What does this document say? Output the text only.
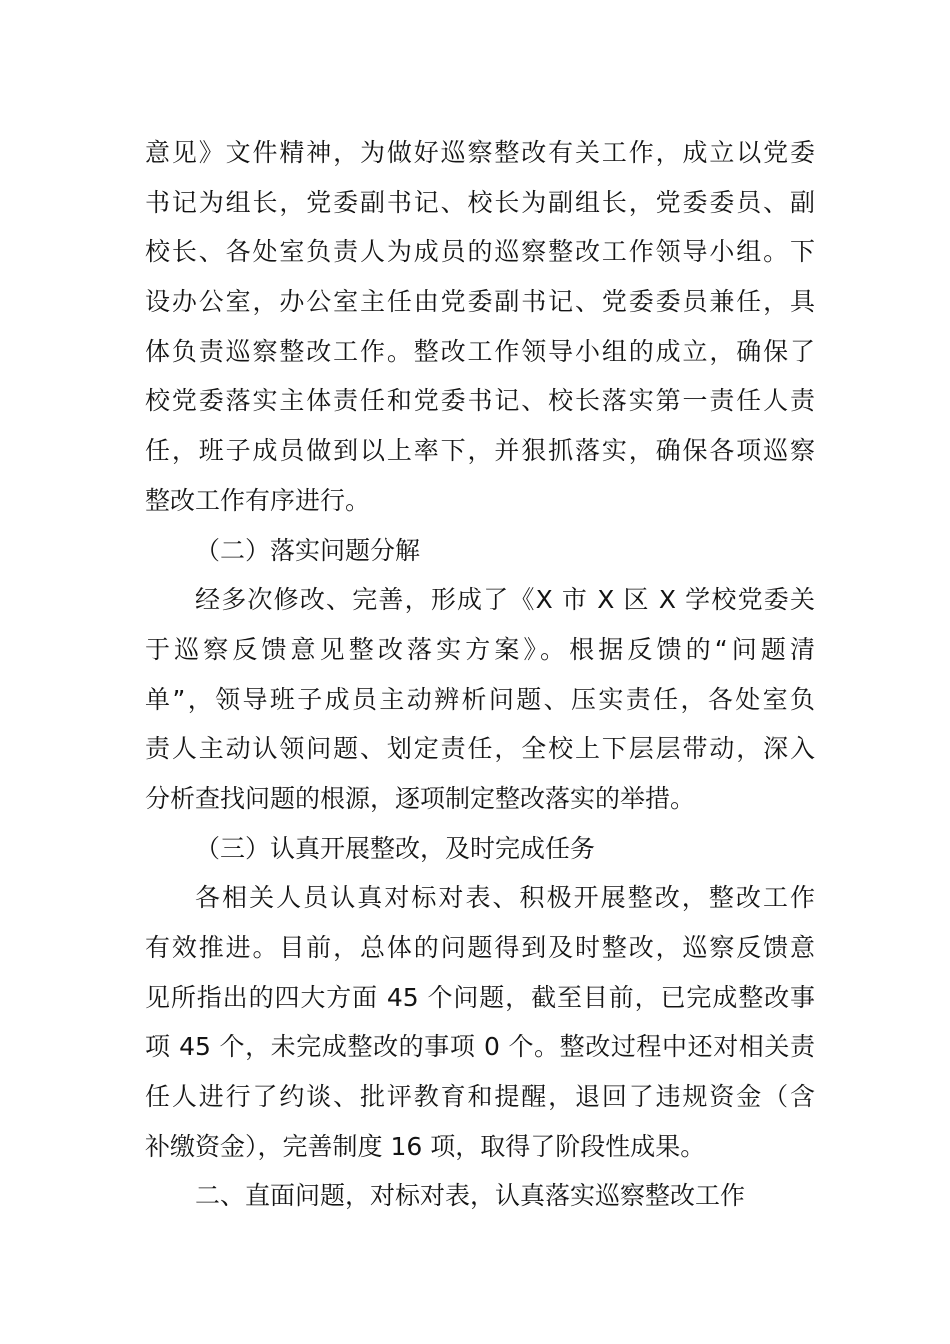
意见》文件精神，为做好巡察整改有关工作，成立以党委
书记为组长，党委副书记、校长为副组长，党委委员、副
校长、各处室负责人为成员的巡察整改工作领导小组。下
设办公室，办公室主任由党委副书记、党委委员兼任，具
体负责巡察整改工作。整改工作领导小组的成立，确保了
校党委落实主体责任和党委书记、校长落实第一责任人责
任，班子成员做到以上率下，并狠抓落实，确保各项巡察
整改工作有序进行。
（二）落实问题分解
经多次修改、完善，形成了《X 市 X 区 X 学校党委关
于巡察反馈意见整改落实方案》。根据反馈的“问题清
单”，领导班子成员主动辨析问题、压实责任，各处室负
责人主动认领问题、划定责任，全校上下层层带动，深入
分析查找问题的根源，逐项制定整改落实的举措。
（三）认真开展整改，及时完成任务
各相关人员认真对标对表、积极开展整改，整改工作
有效推进。目前，总体的问题得到及时整改，巡察反馈意
见所指出的四大方面 45 个问题，截至目前，已完成整改事
项 45 个，未完成整改的事项 0 个。整改过程中还对相关责
任人进行了约谈、批评教育和提醒，退回了违规资金（含
补缴资金），完善制度 16 项，取得了阶段性成果。
二、直面问题，对标对表，认真落实巡察整改工作
